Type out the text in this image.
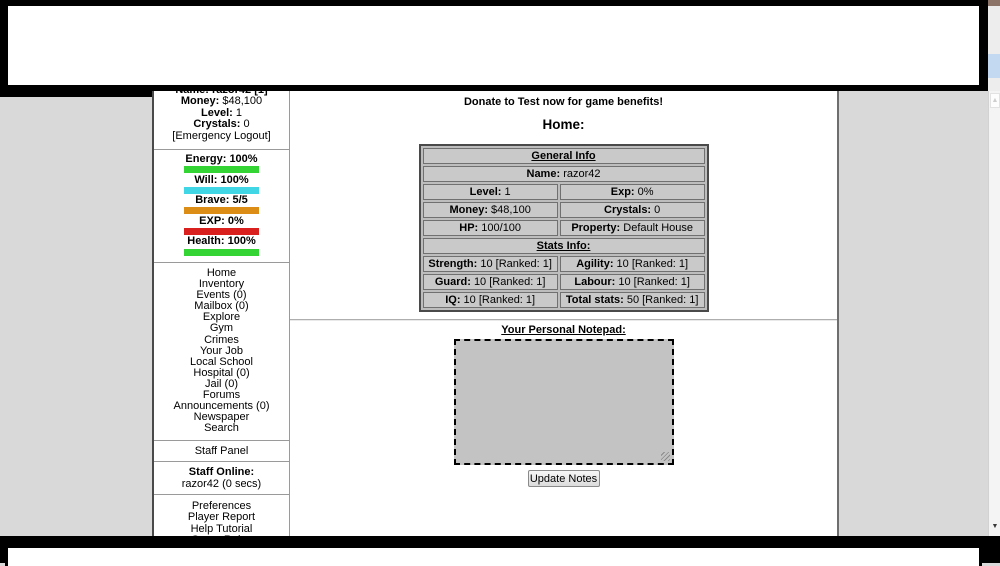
Money: $48,100
Level: 1
Crystals: 0
[Emergency Logout]
Energy: 100%
Will: 100%
Brave: 5/5
EXP: 0%
Health: 100%
Home
Inventory
Events (0)
Mailbox (0)
Explore
Gym
Crimes
Your Job
Local School
Hospital (0)
Jail (0)
Forums
Announcements (0)
Newspaper
Search
Staff Panel
Staff Online:
razor42 (0 secs)
Preferences
Player Report
Help Tutorial
Donate to Test now for game benefits!
Home:
General Info	
Name: razor42	
Level: 1	Exp: 0%
Money: $48,100	Crystals: 0
HP: 100/100	Property: Default House
Stats Info:	
Strength: 10 [Ranked: 1]	Agility: 10 [Ranked: 1]
Guard: 10 [Ranked: 1]	Labour: 10 [Ranked: 1]
IQ: 10 [Ranked: 1]	Total stats: 50 [Ranked: 1]
Your Personal Notepad:
Update Notes
▲
▼
